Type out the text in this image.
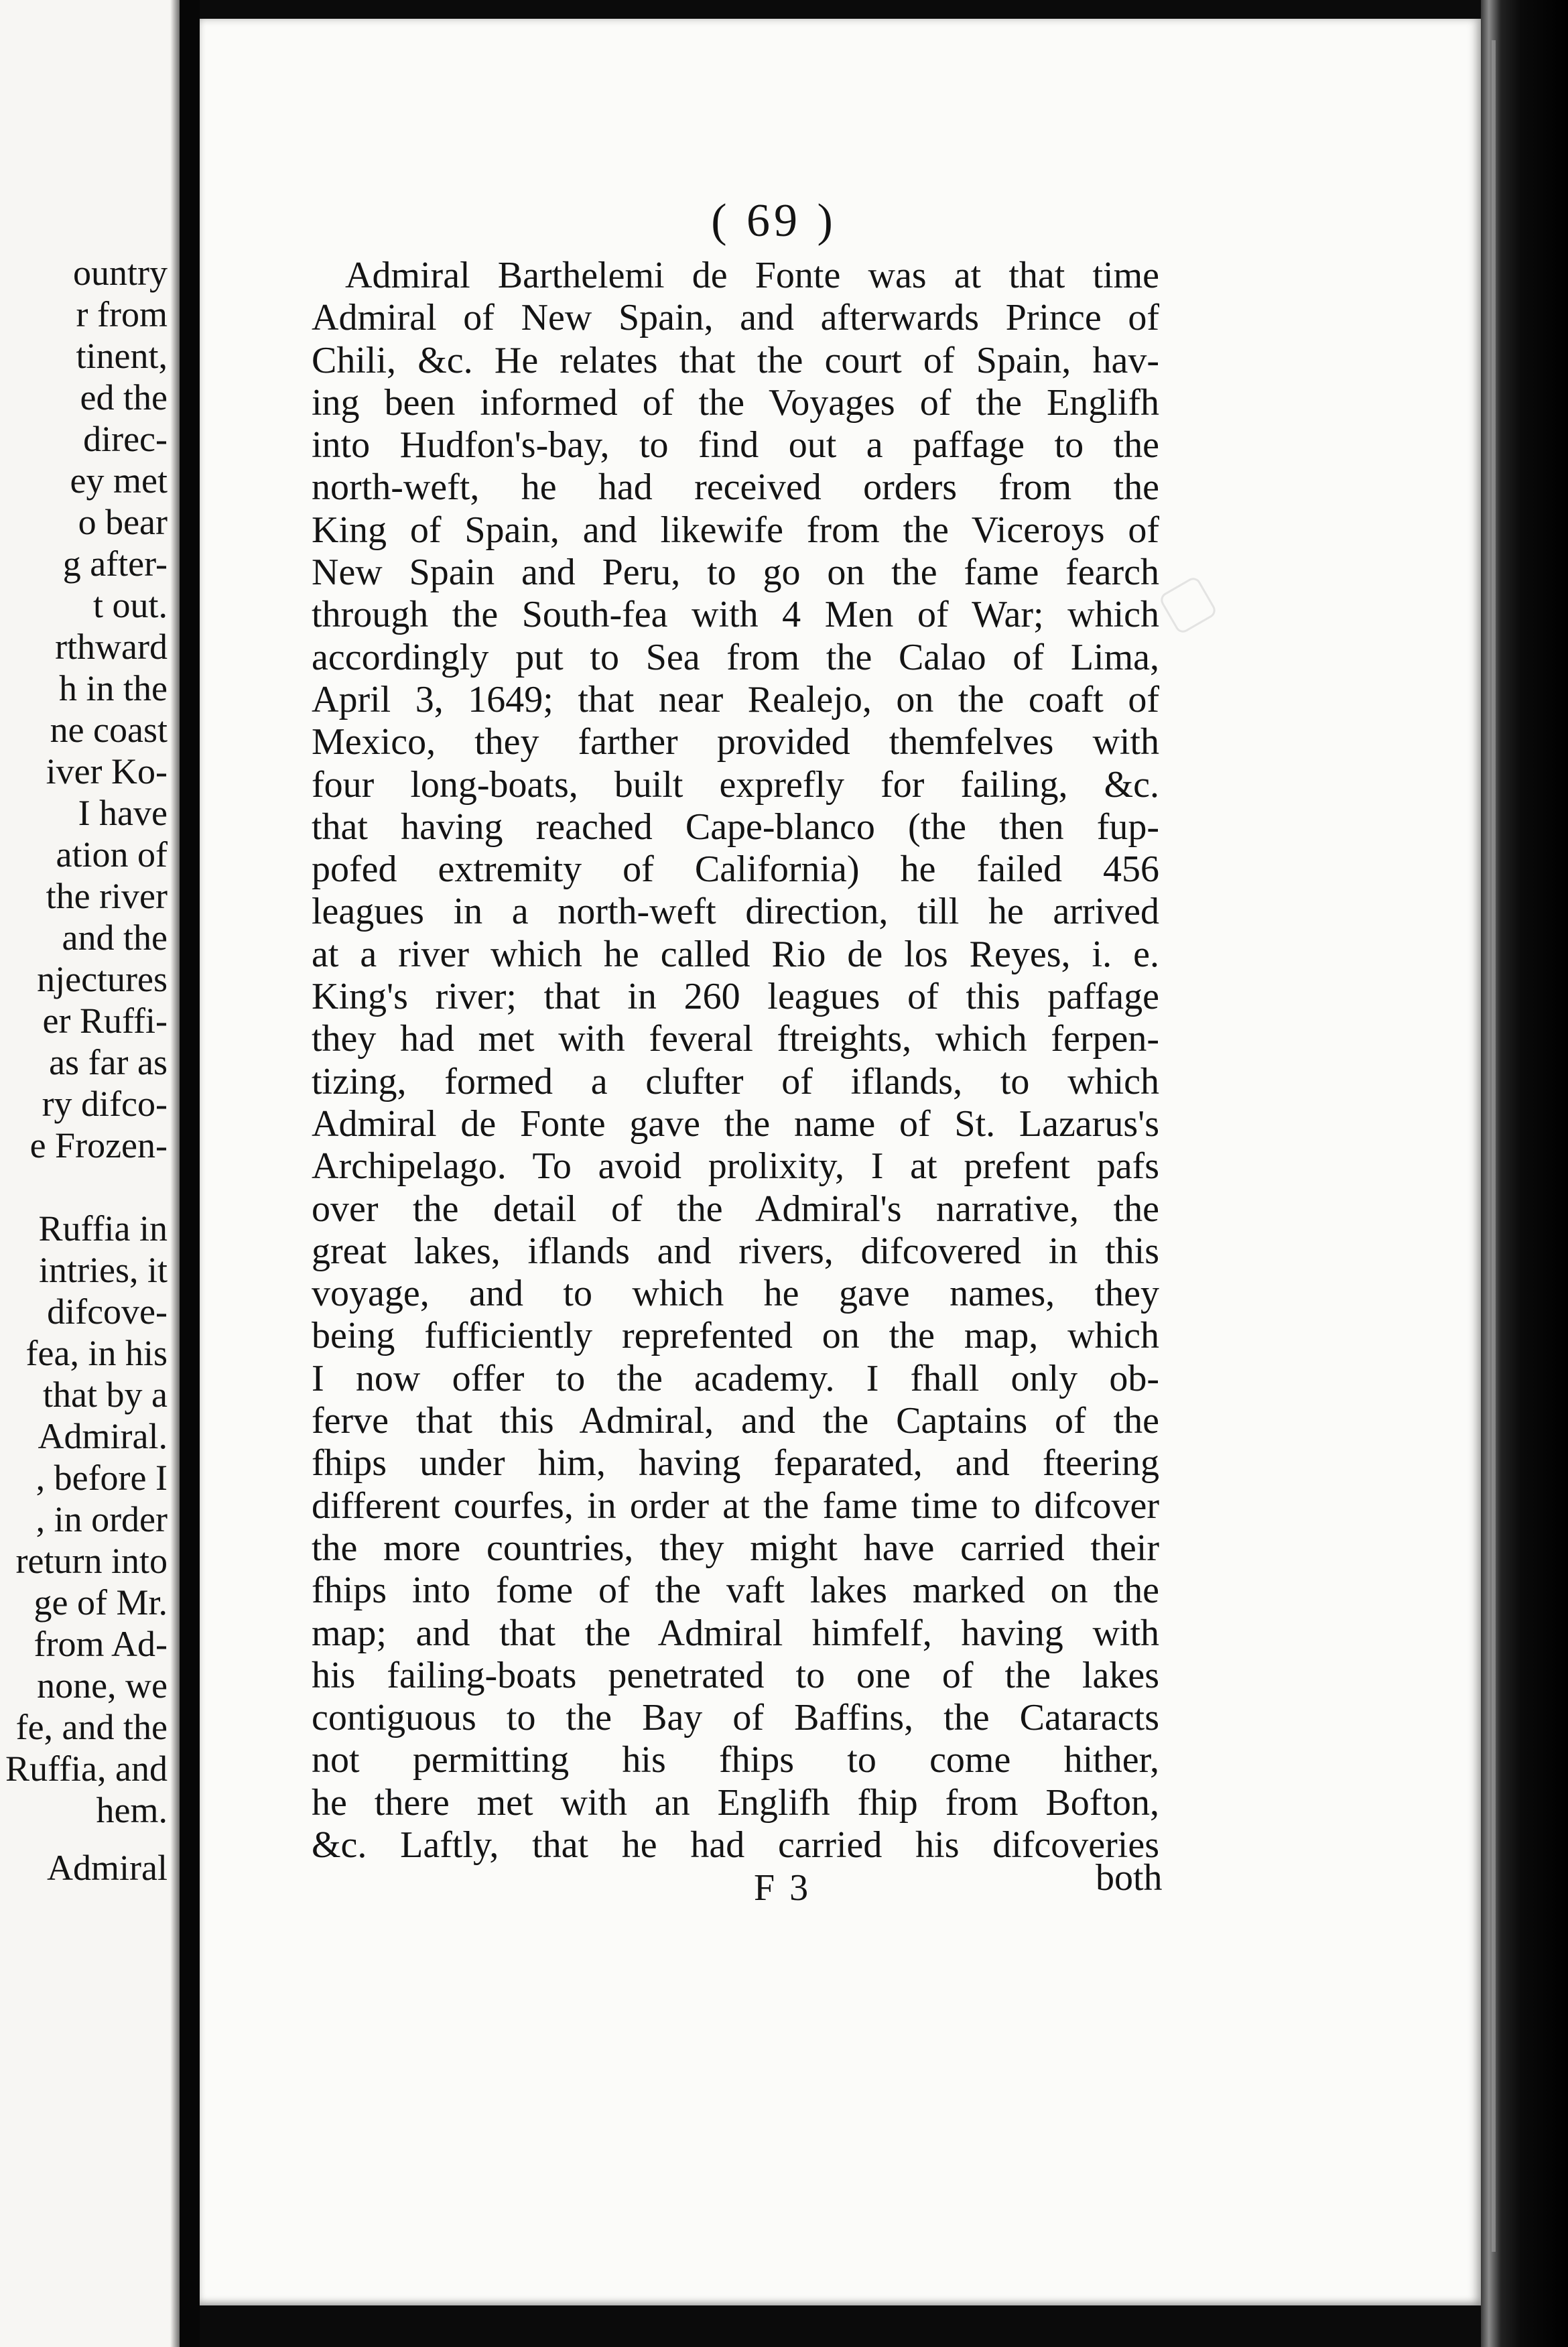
ountry
r from
tinent,
ed the
direc-
ey met
o bear
g after-
t out.
rthward
h in the
ne coast
iver Ko-
I have
ation of
the river
and the
njectures
er Ruffi-
as far as
ry difco-
e Frozen-
Ruffia in
intries, it
difcove-
fea, in his
that by a
Admiral.
, before I
, in order
return into
ge of Mr.
from Ad-
none, we
fe, and the
Ruffia, and
hem.
Admiral
( 69 )
Admiral Barthelemi de Fonte was at that time
Admiral of New Spain, and afterwards Prince of
Chili, &c. He relates that the court of Spain, hav-
ing been informed of the Voyages of the Englifh
into Hudfon's-bay, to find out a paffage to the
north-weft, he had received orders from the
King of Spain, and likewife from the Viceroys of
New Spain and Peru, to go on the fame fearch
through the South-fea with 4 Men of War; which
accordingly put to Sea from the Calao of Lima,
April 3, 1649; that near Realejo, on the coaft of
Mexico, they farther provided themfelves with
four long-boats, built exprefly for failing, &c.
that having reached Cape-blanco (the then fup-
pofed extremity of California) he failed 456
leagues in a north-weft direction, till he arrived
at a river which he called Rio de los Reyes, i. e.
King's river; that in 260 leagues of this paffage
they had met with feveral ftreights, which ferpen-
tizing, formed a clufter of iflands, to which
Admiral de Fonte gave the name of St. Lazarus's
Archipelago. To avoid prolixity, I at prefent pafs
over the detail of the Admiral's narrative, the
great lakes, iflands and rivers, difcovered in this
voyage, and to which he gave names, they
being fufficiently reprefented on the map, which
I now offer to the academy. I fhall only ob-
ferve that this Admiral, and the Captains of the
fhips under him, having feparated, and fteering
different courfes, in order at the fame time to difcover
the more countries, they might have carried their
fhips into fome of the vaft lakes marked on the
map; and that the Admiral himfelf, having with
his failing-boats penetrated to one of the lakes
contiguous to the Bay of Baffins, the Cataracts
not permitting his fhips to come hither,
he there met with an Englifh fhip from Bofton,
&c. Laftly, that he had carried his difcoveries
F 3	both
